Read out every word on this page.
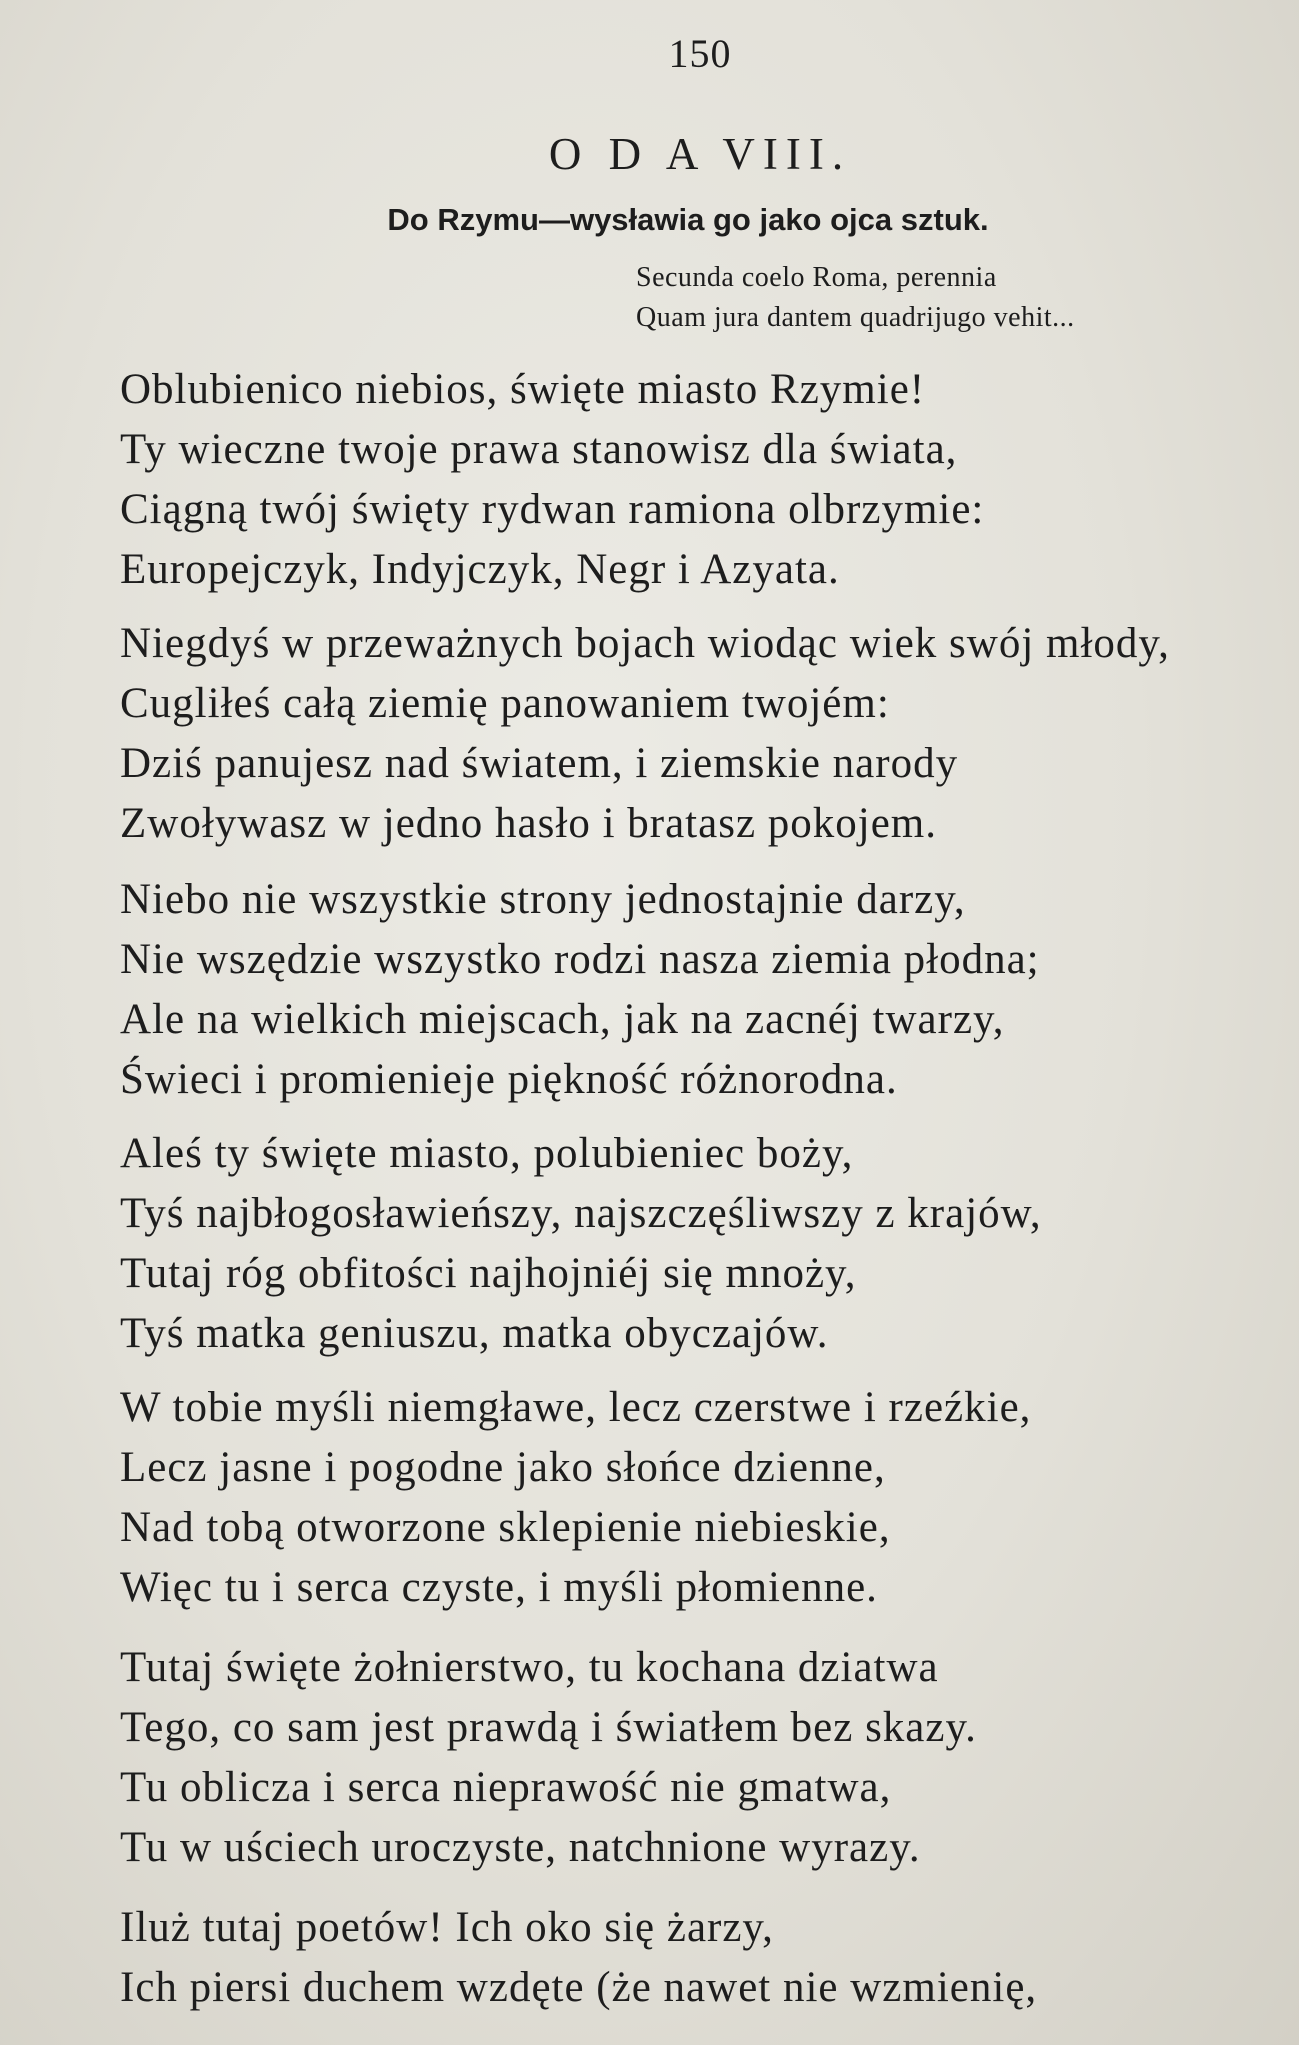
150
O D A VIII.
Do Rzymu—wysławia go jako ojca sztuk.
Secunda coelo Roma, perennia
Quam jura dantem quadrijugo vehit...
Oblubienico niebios, święte miasto Rzymie!
Ty wieczne twoje prawa stanowisz dla świata,
Ciągną twój święty rydwan ramiona olbrzymie:
Europejczyk, Indyjczyk, Negr i Azyata.
Niegdyś w przeważnych bojach wiodąc wiek swój młody,
Cugliłeś całą ziemię panowaniem twojém:
Dziś panujesz nad światem, i ziemskie narody
Zwoływasz w jedno hasło i bratasz pokojem.
Niebo nie wszystkie strony jednostajnie darzy,
Nie wszędzie wszystko rodzi nasza ziemia płodna;
Ale na wielkich miejscach, jak na zacnéj twarzy,
Świeci i promienieje piękność różnorodna.
Aleś ty święte miasto, polubieniec boży,
Tyś najbłogosławieńszy, najszczęśliwszy z krajów,
Tutaj róg obfitości najhojniéj się mnoży,
Tyś matka geniuszu, matka obyczajów.
W tobie myśli niemgławe, lecz czerstwe i rzeźkie,
Lecz jasne i pogodne jako słońce dzienne,
Nad tobą otworzone sklepienie niebieskie,
Więc tu i serca czyste, i myśli płomienne.
Tutaj święte żołnierstwo, tu kochana dziatwa
Tego, co sam jest prawdą i światłem bez skazy.
Tu oblicza i serca nieprawość nie gmatwa,
Tu w uściech uroczyste, natchnione wyrazy.
Iluż tutaj poetów! Ich oko się żarzy,
Ich piersi duchem wzdęte (że nawet nie wzmienię,
